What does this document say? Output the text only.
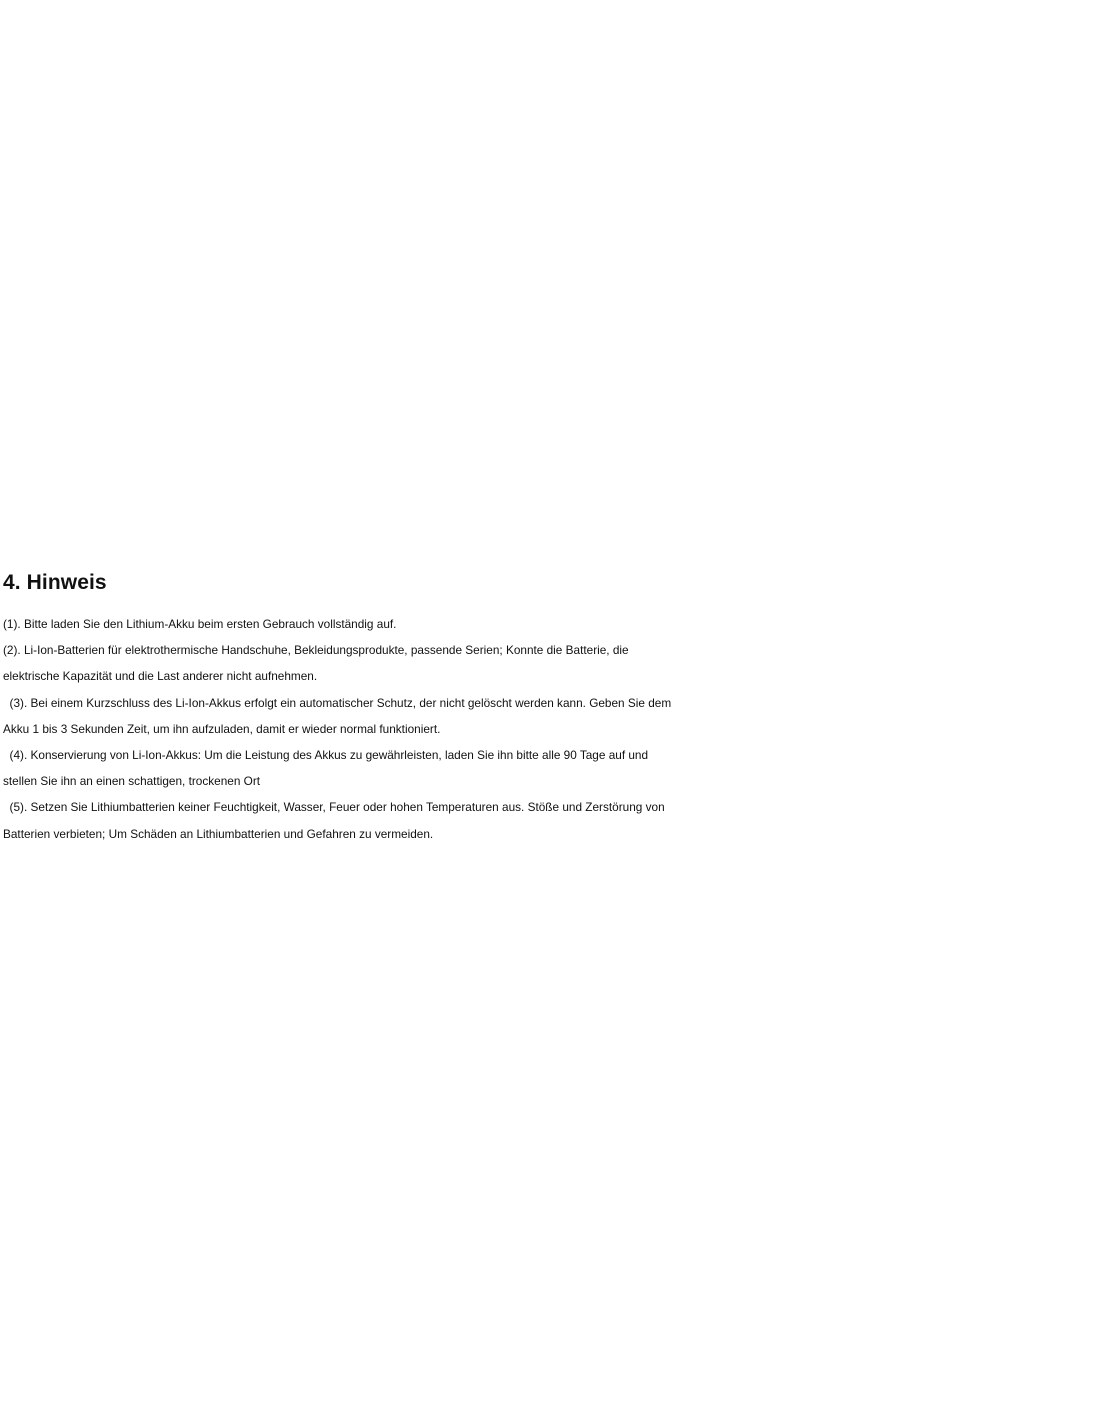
4. Hinweis

(1). Bitte laden Sie den Lithium-Akku beim ersten Gebrauch vollständig auf.

(2). Li-Ion-Batterien für elektrothermische Handschuhe, Bekleidungsprodukte, passende Serien; Konnte die Batterie, die

elektrische Kapazität und die Last anderer nicht aufnehmen.

(3). Bei einem Kurzschluss des Li-Ion-Akkus erfolgt ein automatischer Schutz, der nicht gelöscht werden kann. Geben Sie dem

Akku 1 bis 3 Sekunden Zeit, um ihn aufzuladen, damit er wieder normal funktioniert.

(4). Konservierung von Li-Ion-Akkus: Um die Leistung des Akkus zu gewährleisten, laden Sie ihn bitte alle 90 Tage auf und

stellen Sie ihn an einen schattigen, trockenen Ort

(5). Setzen Sie Lithiumbatterien keiner Feuchtigkeit, Wasser, Feuer oder hohen Temperaturen aus. Stöße und Zerstörung von

Batterien verbieten; Um Schäden an Lithiumbatterien und Gefahren zu vermeiden.
